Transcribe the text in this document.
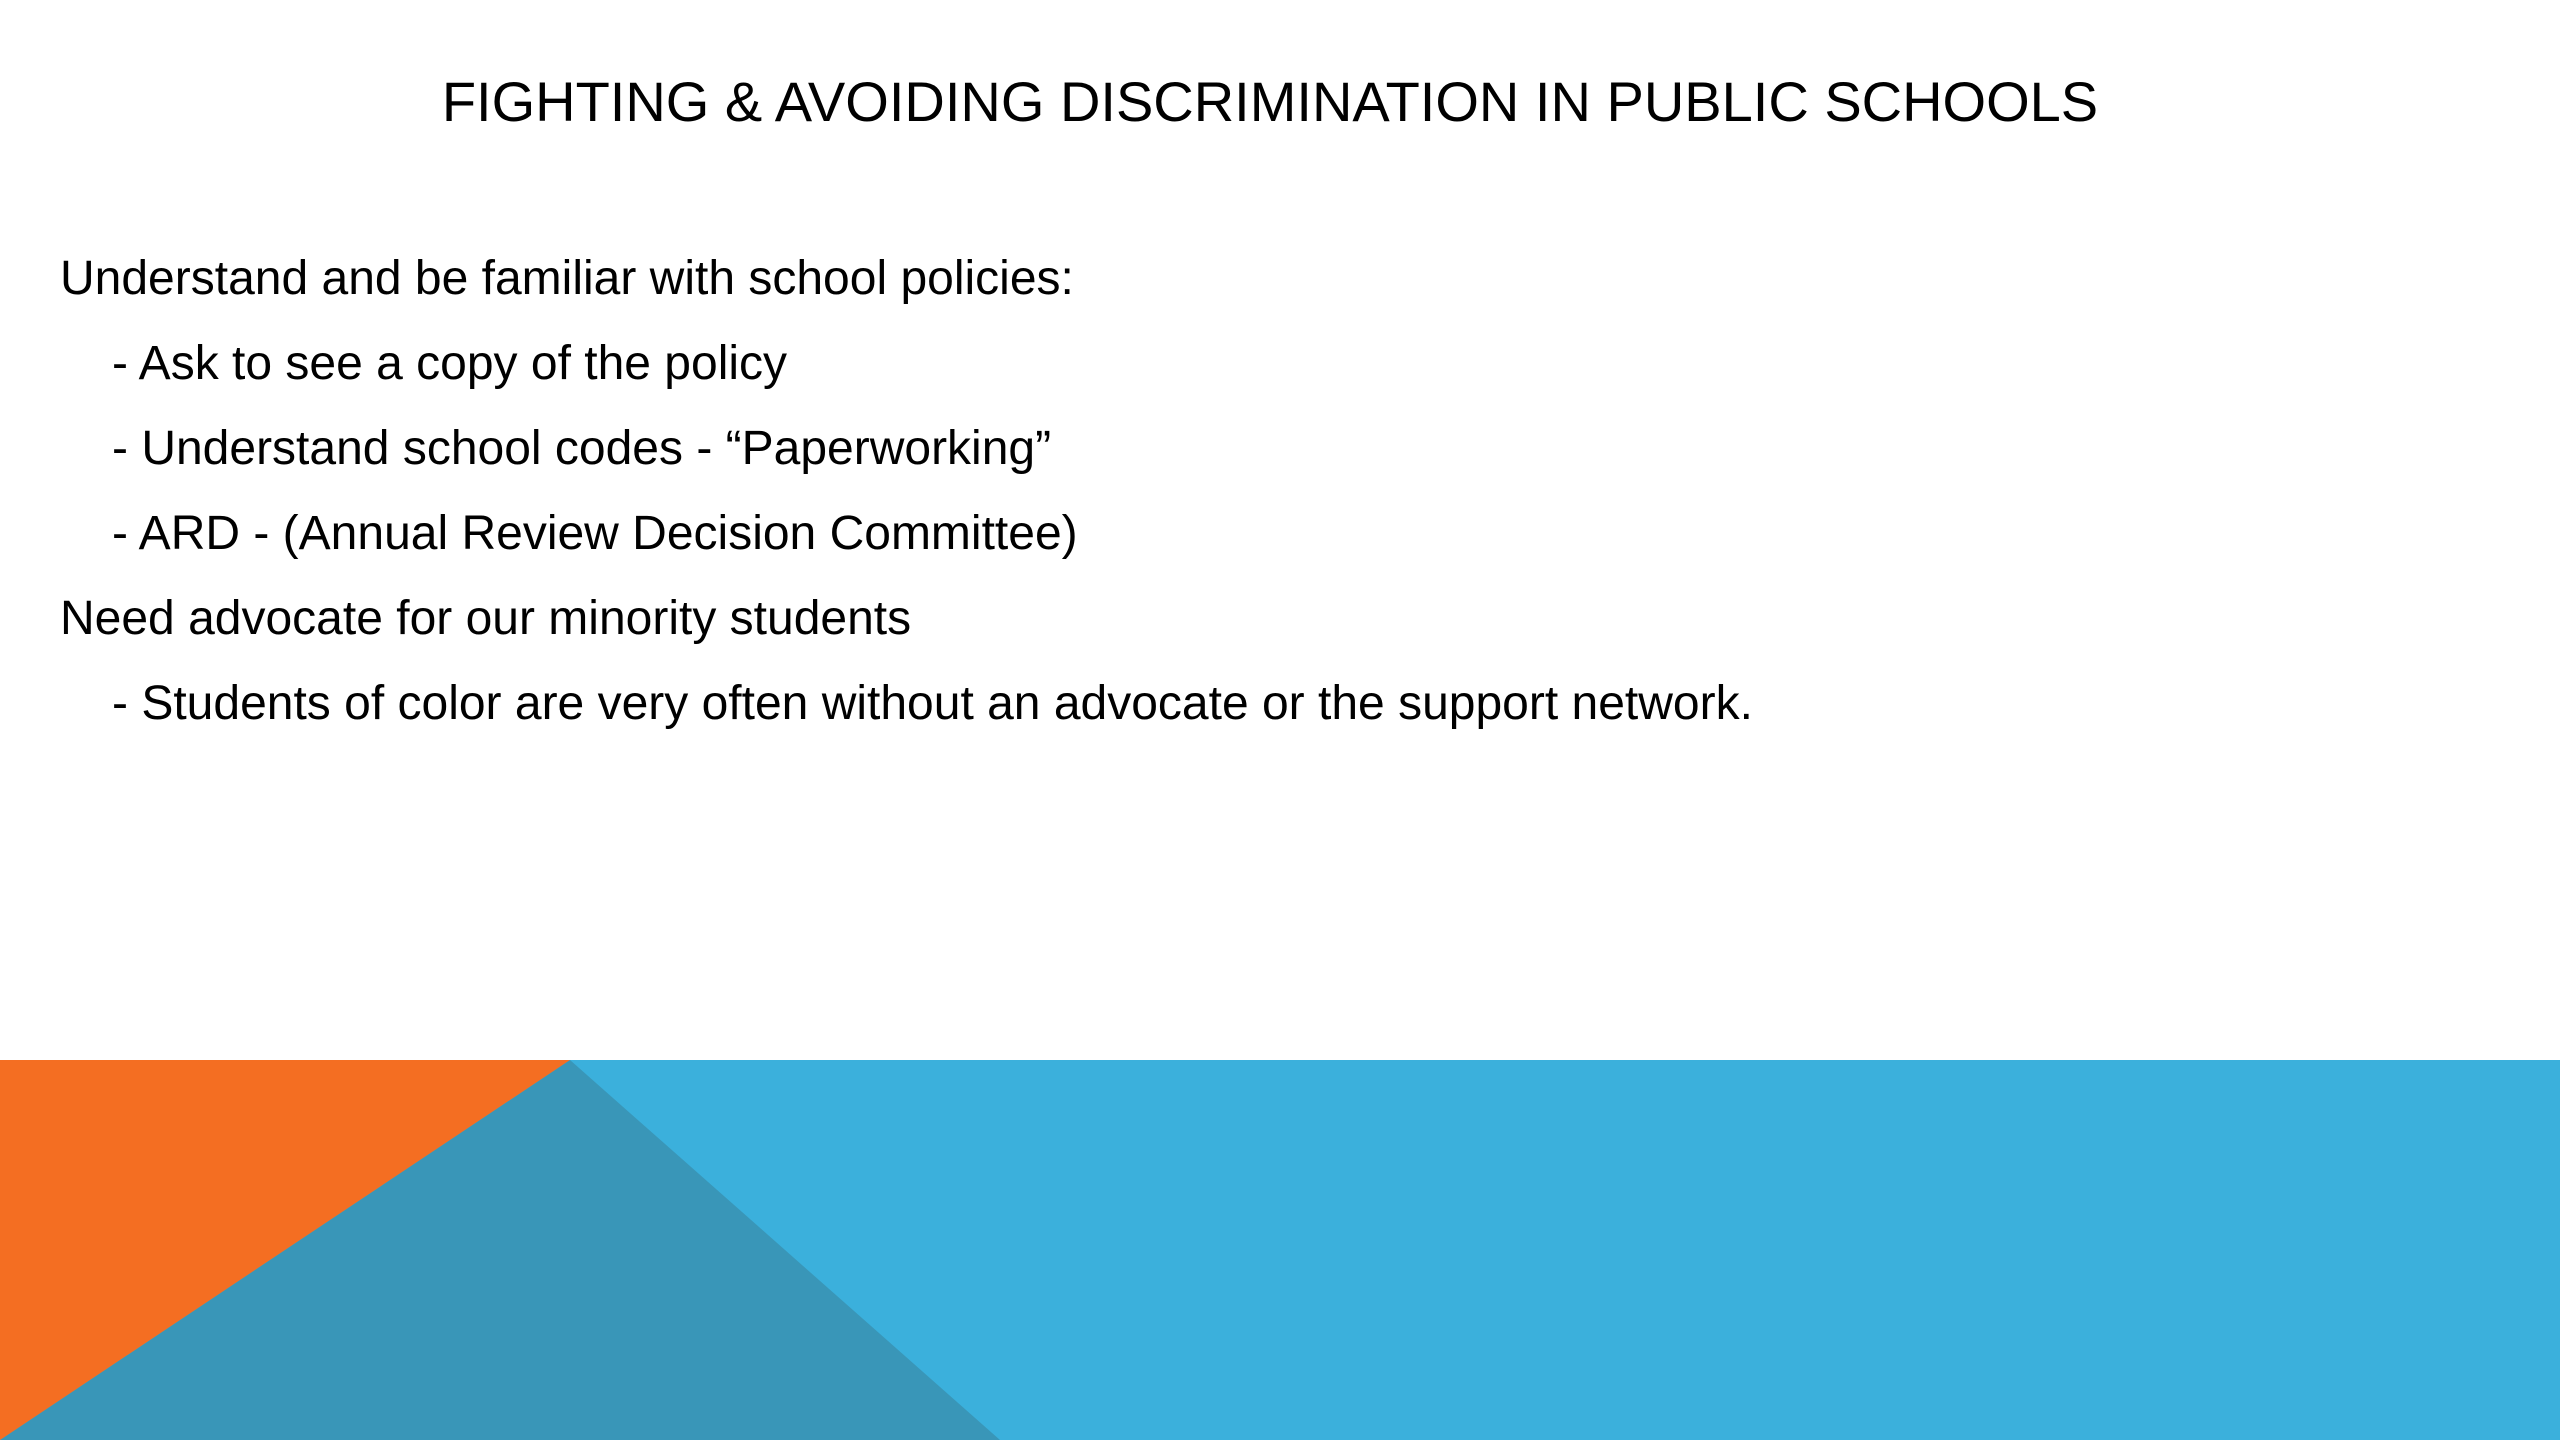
FIGHTING & AVOIDING DISCRIMINATION IN PUBLIC SCHOOLS
Understand and be familiar with school policies:
- Ask to see a copy of the policy
- Understand school codes - “Paperworking”
- ARD - (Annual Review Decision Committee)
Need advocate for our minority students
- Students of color are very often without an advocate or the support network.
